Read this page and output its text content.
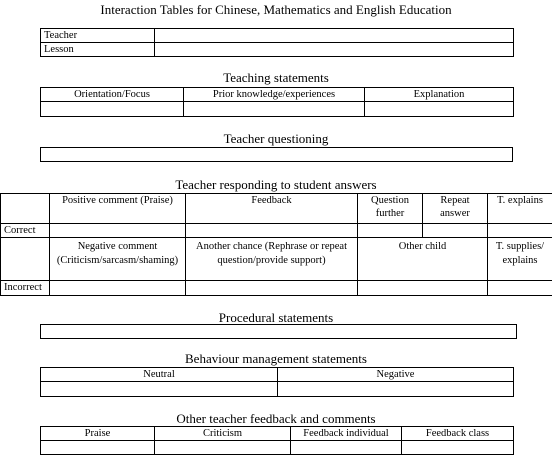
Interaction Tables for Chinese, Mathematics and English Education
Teacher	
Lesson	
Teaching statements
Orientation/Focus	Prior knowledge/experiences	Explanation

Teacher questioning
Teacher responding to student answers
	Positive comment (Praise)	Feedback	Question further	Repeat answer	T. explains
Correct					
	Negative comment (Criticism/sarcasm/shaming)	Another chance (Rephrase or repeat question/provide support)	Other child		T. supplies/ explains
Incorrect					
Procedural statements
Behaviour management statements
Neutral	Negative

Other teacher feedback and comments
Praise	Criticism	Feedback individual	Feedback class
